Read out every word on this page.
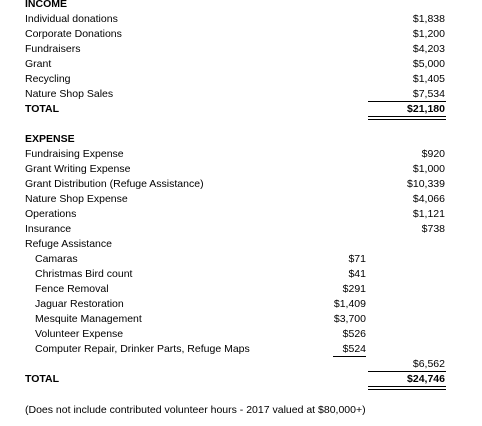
INCOME
Individual donations	$1,838
Corporate Donations	$1,200
Fundraisers	$4,203
Grant	$5,000
Recycling	$1,405
Nature Shop Sales	$7,534
TOTAL	$21,180
EXPENSE
Fundraising Expense	$920
Grant Writing Expense	$1,000
Grant Distribution (Refuge Assistance)	$10,339
Nature Shop Expense	$4,066
Operations	$1,121
Insurance	$738
Refuge Assistance
Camaras	$71
Christmas Bird count	$41
Fence Removal	$291
Jaguar Restoration	$1,409
Mesquite Management	$3,700
Volunteer Expense	$526
Computer Repair, Drinker Parts, Refuge Maps	$524
$6,562
TOTAL	$24,746
(Does not include contributed volunteer hours - 2017 valued at $80,000+)
